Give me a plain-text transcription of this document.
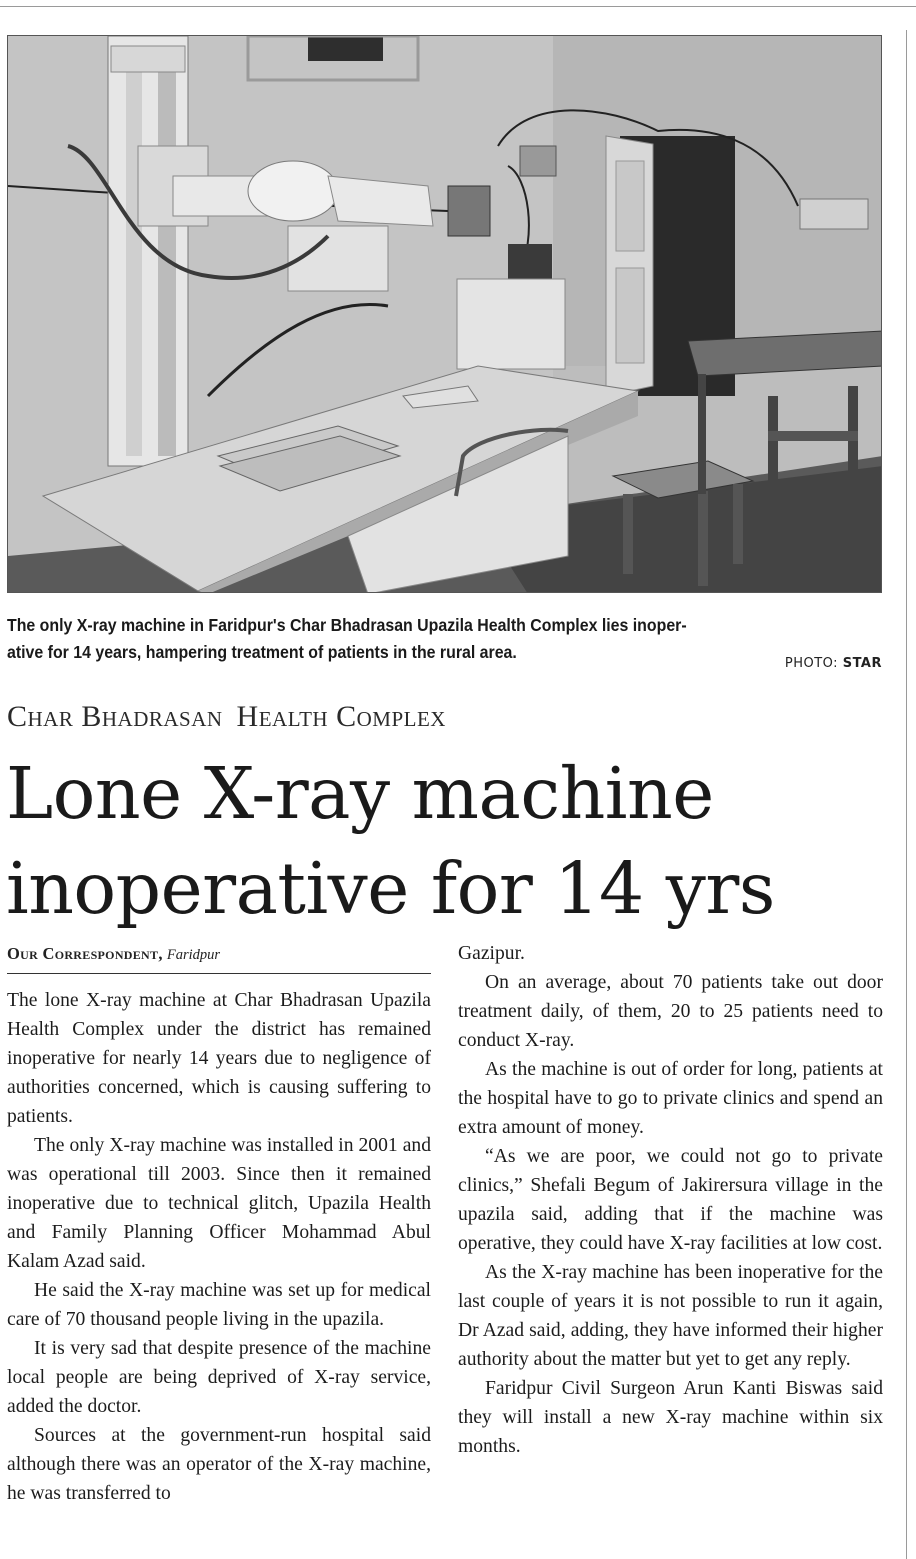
The only X-ray machine in Faridpur's Char Bhadrasan Upazila Health Complex lies inoper-
ative for 14 years, hampering treatment of patients in the rural area.
PHOTO: STAR
Char Bhadrasan Health Complex
Lone X-ray machine
inoperative for 14 yrs
Our Correspondent, Faridpur

The lone X-ray machine at Char Bhadrasan Upazila Health Complex under the district has remained inoperative for nearly 14 years due to negligence of authorities concerned, which is causing suffering to patients.

The only X-ray machine was installed in 2001 and was operational till 2003. Since then it remained inoperative due to technical glitch, Upazila Health and Family Planning Officer Mohammad Abul Kalam Azad said.

He said the X-ray machine was set up for medical care of 70 thousand people living in the upazila.

It is very sad that despite presence of the machine local people are being deprived of X-ray service, added the doctor.

Sources at the government-run hospital said although there was an operator of the X-ray machine, he was transferred to

Gazipur.

On an average, about 70 patients take out door treatment daily, of them, 20 to 25 patients need to conduct X-ray.

As the machine is out of order for long, patients at the hospital have to go to private clinics and spend an extra amount of money.

“As we are poor, we could not go to private clinics,” Shefali Begum of Jakirersura village in the upazila said, adding that if the machine was operative, they could have X-ray facilities at low cost.

As the X-ray machine has been inoperative for the last couple of years it is not possible to run it again, Dr Azad said, adding, they have informed their higher authority about the matter but yet to get any reply.

Faridpur Civil Surgeon Arun Kanti Biswas said they will install a new X-ray machine within six months.
